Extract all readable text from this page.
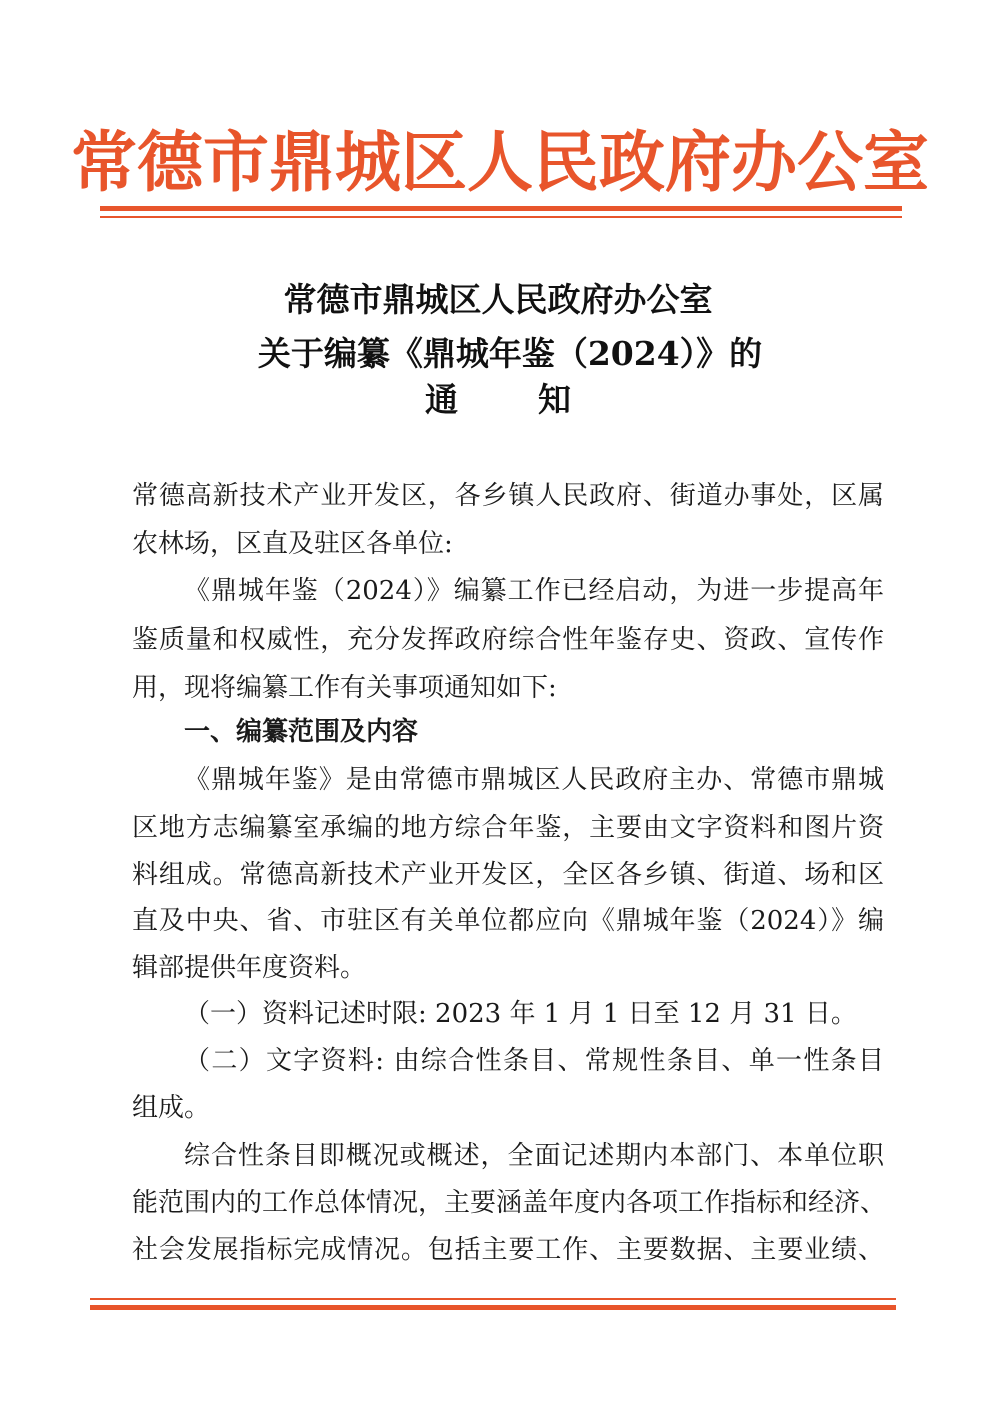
常德市鼎城区人民政府办公室
常德市鼎城区人民政府办公室
关于编纂《鼎城年鉴（2024）》的
通 知
常德高新技术产业开发区，各乡镇人民政府、街道办事处，区属
农林场，区直及驻区各单位:
《鼎城年鉴（2024）》编纂工作已经启动，为进一步提高年
鉴质量和权威性，充分发挥政府综合性年鉴存史、资政、宣传作
用，现将编纂工作有关事项通知如下:
一、编纂范围及内容
《鼎城年鉴》是由常德市鼎城区人民政府主办、常德市鼎城
区地方志编纂室承编的地方综合年鉴，主要由文字资料和图片资
料组成。常德高新技术产业开发区，全区各乡镇、街道、场和区
直及中央、省、市驻区有关单位都应向《鼎城年鉴（2024）》编
辑部提供年度资料。
（一）资料记述时限: 2023 年 1 月 1 日至 12 月 31 日。
（二）文字资料: 由综合性条目、常规性条目、单一性条目
组成。
综合性条目即概况或概述，全面记述期内本部门、本单位职
能范围内的工作总体情况，主要涵盖年度内各项工作指标和经济、
社会发展指标完成情况。包括主要工作、主要数据、主要业绩、
